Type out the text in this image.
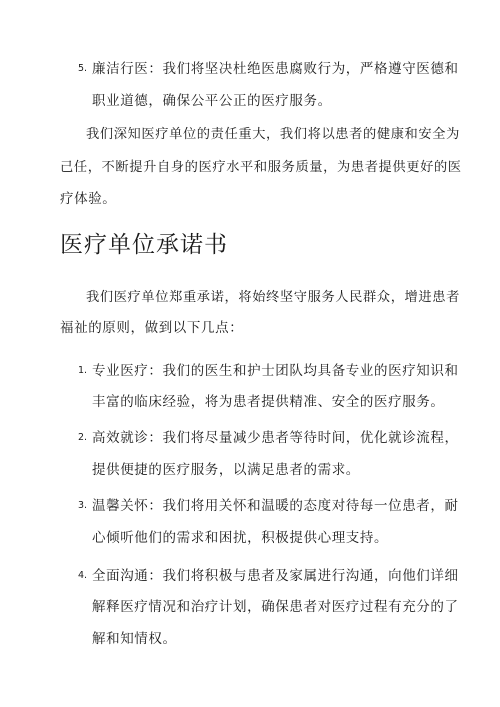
5. 廉洁行医：我们将坚决杜绝医患腐败行为，严格遵守医德和
职业道德，确保公平公正的医疗服务。
我们深知医疗单位的责任重大，我们将以患者的健康和安全为
己任，不断提升自身的医疗水平和服务质量，为患者提供更好的医
疗体验。
医疗单位承诺书
我们医疗单位郑重承诺，将始终坚守服务人民群众，增进患者
福祉的原则，做到以下几点：
1. 专业医疗：我们的医生和护士团队均具备专业的医疗知识和
丰富的临床经验，将为患者提供精准、安全的医疗服务。
2. 高效就诊：我们将尽量减少患者等待时间，优化就诊流程，
提供便捷的医疗服务，以满足患者的需求。
3. 温馨关怀：我们将用关怀和温暖的态度对待每一位患者，耐
心倾听他们的需求和困扰，积极提供心理支持。
4. 全面沟通：我们将积极与患者及家属进行沟通，向他们详细
解释医疗情况和治疗计划，确保患者对医疗过程有充分的了
解和知情权。
